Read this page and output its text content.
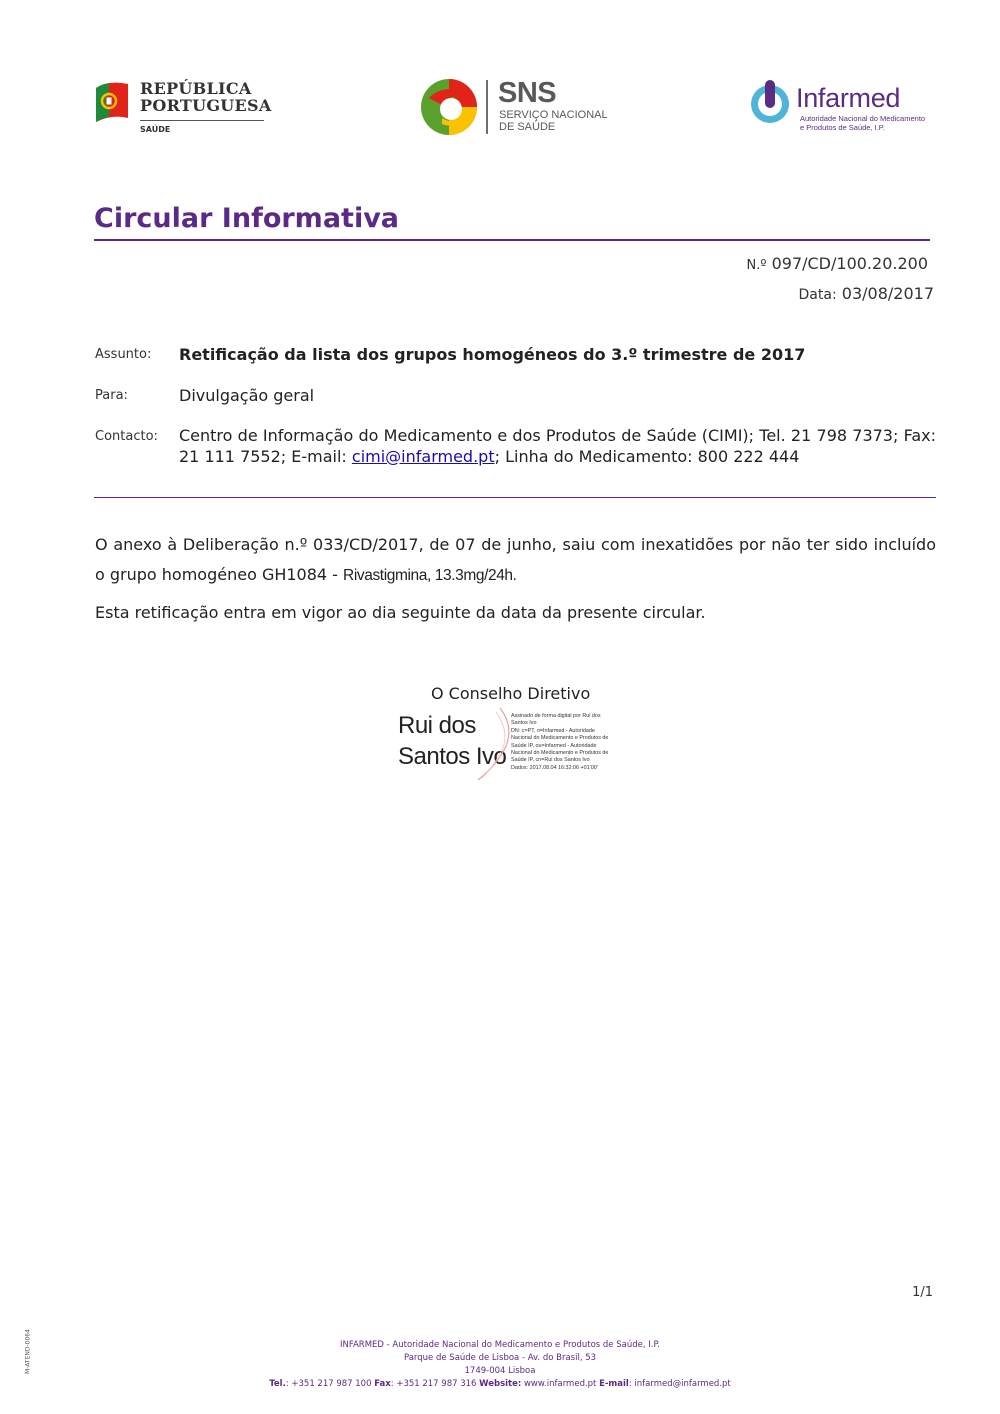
REPÚBLICA
PORTUGUESA
SAÚDE
SNS
SERVIÇO NACIONAL
DE SAÚDE
Infarmed
Autoridade Nacional do Medicamento
e Produtos de Saúde, I.P.
Circular Informativa
N.º 097/CD/100.20.200
Data: 03/08/2017
Assunto: Retificação da lista dos grupos homogéneos do 3.º trimestre de 2017
Para:	Divulgação geral
Contacto: Centro de Informação do Medicamento e dos Produtos de Saúde (CIMI); Tel. 21 798 7373; Fax: 21 111 7552; E-mail: cimi@infarmed.pt; Linha do Medicamento: 800 222 444
O anexo à Deliberação n.º 033/CD/2017, de 07 de junho, saiu com inexatidões por não ter sido incluído o grupo homogéneo GH1084 - Rivastigmina, 13.3mg/24h.
Esta retificação entra em vigor ao dia seguinte da data da presente circular.
O Conselho Diretivo
Rui dos
Santos Ivo
Assinado de forma digital por Rui dos
Santos Ivo
DN: c=PT, o=Infarmed - Autoridade
Nacional do Medicamento e Produtos de
Saúde IP, ou=Infarmed - Autoridade
Nacional do Medicamento e Produtos de
Saúde IP, cn=Rui dos Santos Ivo
Dados: 2017.08.04 16:32:06 +01'00'
1/1
M-ATEND-0064	INFARMED - Autoridade Nacional do Medicamento e Produtos de Saúde, I.P.
Parque de Saúde de Lisboa - Av. do Brasil, 53
1749-004 Lisboa
Tel.: +351 217 987 100 Fax: +351 217 987 316 Website: www.infarmed.pt E-mail: infarmed@infarmed.pt
